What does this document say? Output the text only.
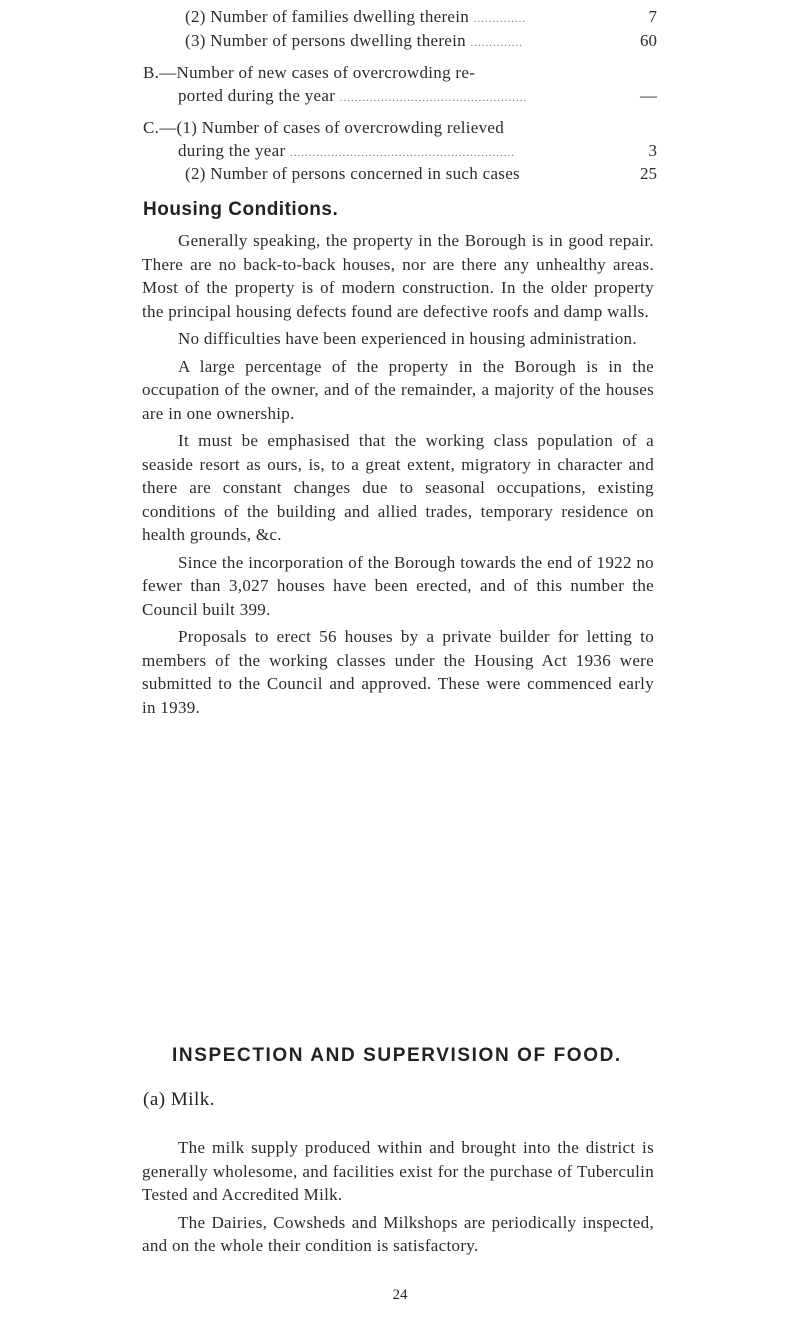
(2) Number of families dwelling therein ..............	7
(3) Number of persons dwelling therein ..............	60
B.—Number of new cases of overcrowding re-
ported during the year ..................................................	—
C.—(1) Number of cases of overcrowding relieved
during the year ............................................................	3
(2) Number of persons concerned in such cases	25
Housing Conditions.

Generally speaking, the property in the Borough is in good repair. There are no back-to-back houses, nor are there any unhealthy areas. Most of the property is of modern construction. In the older property the principal housing defects found are defective roofs and damp walls.

No difficulties have been experienced in housing administration.

A large percentage of the property in the Borough is in the occupation of the owner, and of the remainder, a majority of the houses are in one ownership.

It must be emphasised that the working class population of a seaside resort as ours, is, to a great extent, migratory in character and there are constant changes due to seasonal occupations, existing conditions of the building and allied trades, temporary residence on health grounds, &c.

Since the incorporation of the Borough towards the end of 1922 no fewer than 3,027 houses have been erected, and of this number the Council built 399.

Proposals to erect 56 houses by a private builder for letting to members of the working classes under the Housing Act 1936 were submitted to the Council and approved. These were commenced early in 1939.

INSPECTION AND SUPERVISION OF FOOD.
(a) Milk.

The milk supply produced within and brought into the district is generally wholesome, and facilities exist for the purchase of Tuberculin Tested and Accredited Milk.

The Dairies, Cowsheds and Milkshops are periodically inspected, and on the whole their condition is satisfactory.

24
